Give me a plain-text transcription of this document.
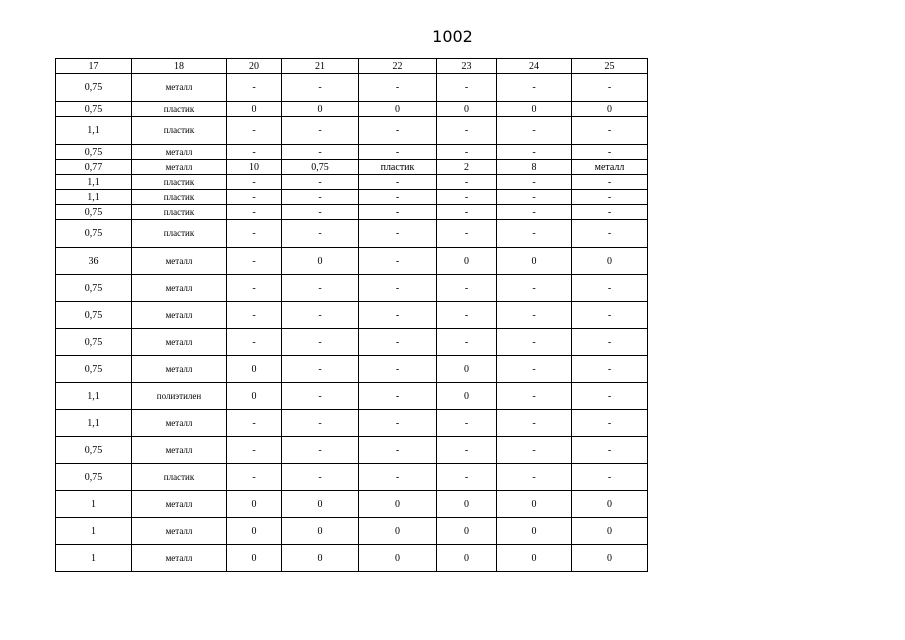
1002
17	18	20	21	22	23	24	25
0,75	металл	-	-	-	-	-	-
0,75	пластик	0	0	0	0	0	0
1,1	пластик	-	-	-	-	-	-
0,75	металл	-	-	-	-	-	-
0,77	металл	10	0,75	пластик	2	8	металл
1,1	пластик	-	-	-	-	-	-
1,1	пластик	-	-	-	-	-	-
0,75	пластик	-	-	-	-	-	-
0,75	пластик	-	-	-	-	-	-
36	металл	-	0	-	0	0	0
0,75	металл	-	-	-	-	-	-
0,75	металл	-	-	-	-	-	-
0,75	металл	-	-	-	-	-	-
0,75	металл	0	-	-	0	-	-
1,1	полиэтилен	0	-	-	0	-	-
1,1	металл	-	-	-	-	-	-
0,75	металл	-	-	-	-	-	-
0,75	пластик	-	-	-	-	-	-
1	металл	0	0	0	0	0	0
1	металл	0	0	0	0	0	0
1	металл	0	0	0	0	0	0
